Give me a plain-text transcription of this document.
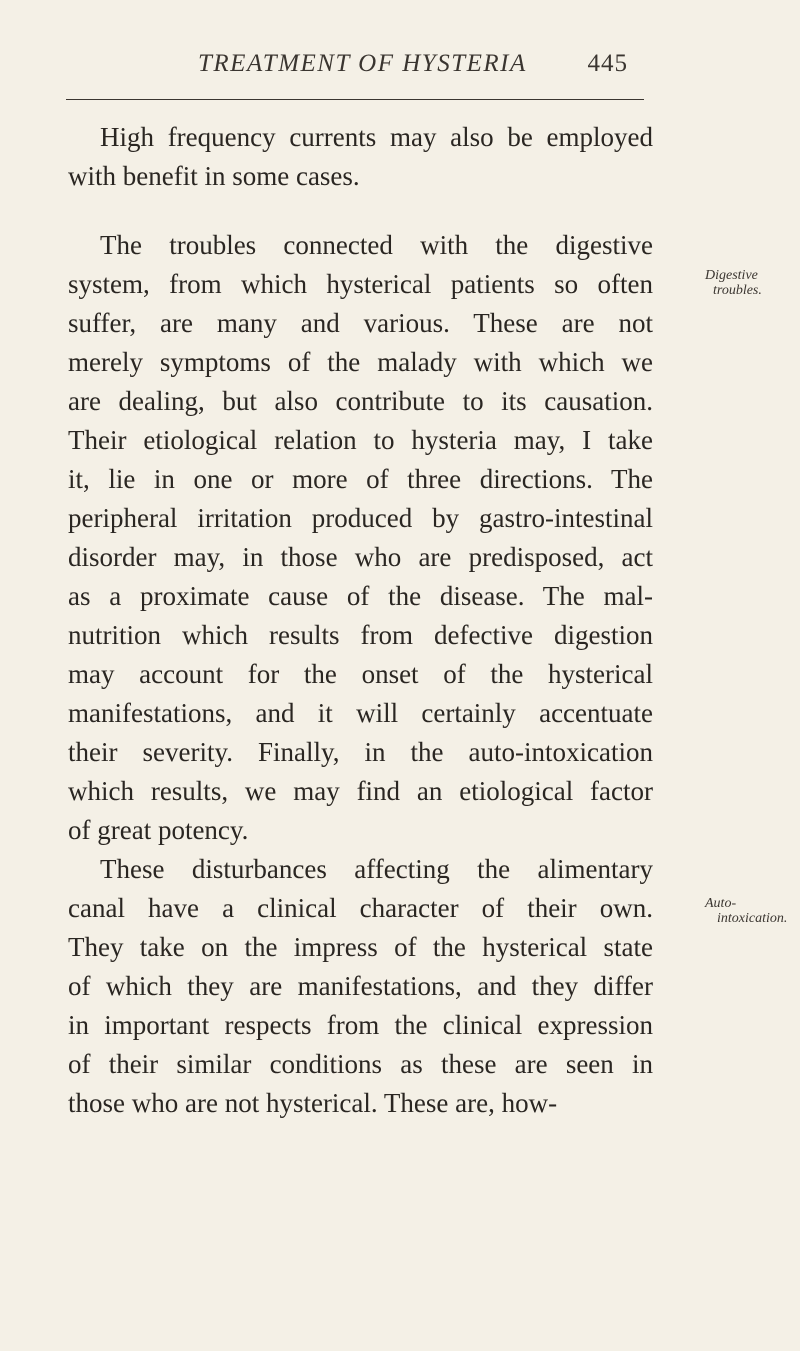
TREATMENT OF HYSTERIA 445
High frequency currents may also be employed
with benefit in some cases.
The troubles connected with the digestive
system, from which hysterical patients so often
suffer, are many and various. These are not
merely symptoms of the malady with which we
are dealing, but also contribute to its causation.
Their etiological relation to hysteria may, I take
it, lie in one or more of three directions. The
peripheral irritation produced by gastro-intestinal
disorder may, in those who are predisposed, act
as a proximate cause of the disease. The mal-
nutrition which results from defective digestion
may account for the onset of the hysterical
manifestations, and it will certainly accentuate
their severity. Finally, in the auto-intoxication
which results, we may find an etiological factor
of great potency.
These disturbances affecting the alimentary
canal have a clinical character of their own.
They take on the impress of the hysterical state
of which they are manifestations, and they differ
in important respects from the clinical expression
of their similar conditions as these are seen in
those who are not hysterical. These are, how-
Digestive
troubles.
Auto-
intoxication.
